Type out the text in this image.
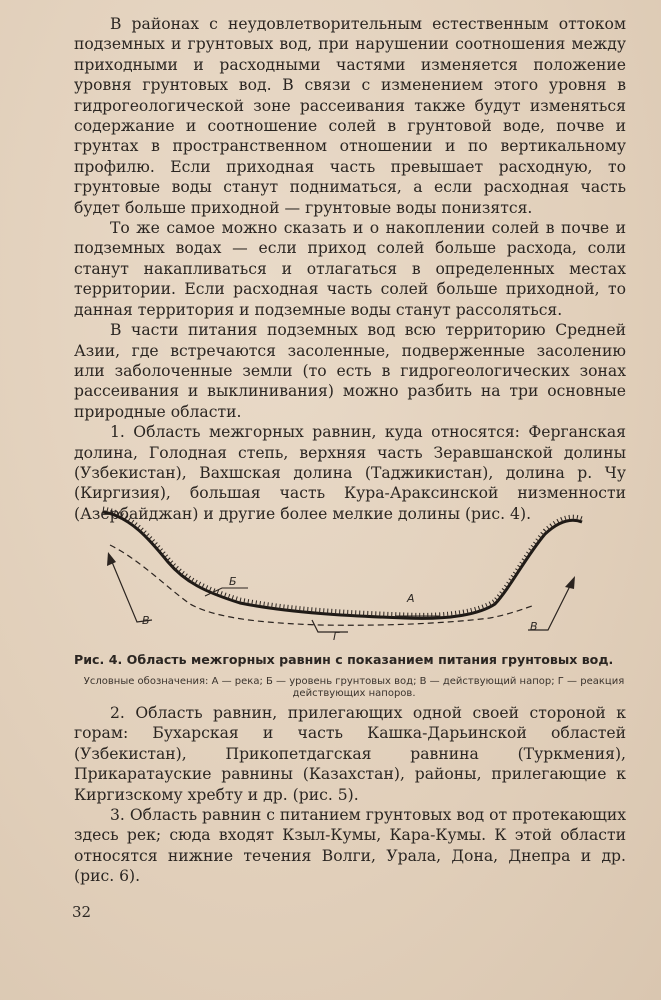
В районах с неудовлетворительным естественным оттоком подземных и грунтовых вод, при нарушении соотношения между приходными и расходными частями изменяется положение уровня грунтовых вод. В связи с изменением этого уровня в гидрогеологической зоне рассеивания также будут изменяться содержание и соотношение солей в грунтовой воде, почве и грунтах в пространственном отношении и по вертикальному профилю. Если приходная часть превышает расходную, то грунтовые воды станут подниматься, а если расходная часть будет больше приходной — грунтовые воды понизятся.

То же самое можно сказать и о накоплении солей в почве и подземных водах — если приход солей больше расхода, соли станут накапливаться и отлагаться в определенных местах территории. Если расходная часть солей больше приходной, то данная территория и подземные воды станут рассоляться.

В части питания подземных вод всю территорию Средней Азии, где встречаются засоленные, подверженные засолению или заболоченные земли (то есть в гидрогеологических зонах рассеивания и выклинивания) можно разбить на три основные природные области.

1. Область межгорных равнин, куда относятся: Ферганская долина, Голодная степь, верхняя часть Зеравшанской долины (Узбекистан), Вахшская долина (Таджикистан), долина р. Чу (Киргизия), большая часть Кура-Араксинской низменности (Азербайджан) и другие более мелкие долины (рис. 4).

А
Б
В	В
Г
Рис. 4. Область межгорных равнин с показанием питания грунтовых вод.
Условные обозначения: А — река; Б — уровень грунтовых вод; В — действующий напор; Г — реакция действующих напоров.

2. Область равнин, прилегающих одной своей стороной к горам: Бухарская и часть Кашка-Дарьинской областей (Узбекистан), Прикопетдагская равнина (Туркмения), Прикаратауские равнины (Казахстан), районы, прилегающие к Киргизскому хребту и др. (рис. 5).

3. Область равнин с питанием грунтовых вод от протекающих здесь рек; сюда входят Кзыл-Кумы, Кара-Кумы. К этой области относятся нижние течения Волги, Урала, Дона, Днепра и др. (рис. 6).

32
